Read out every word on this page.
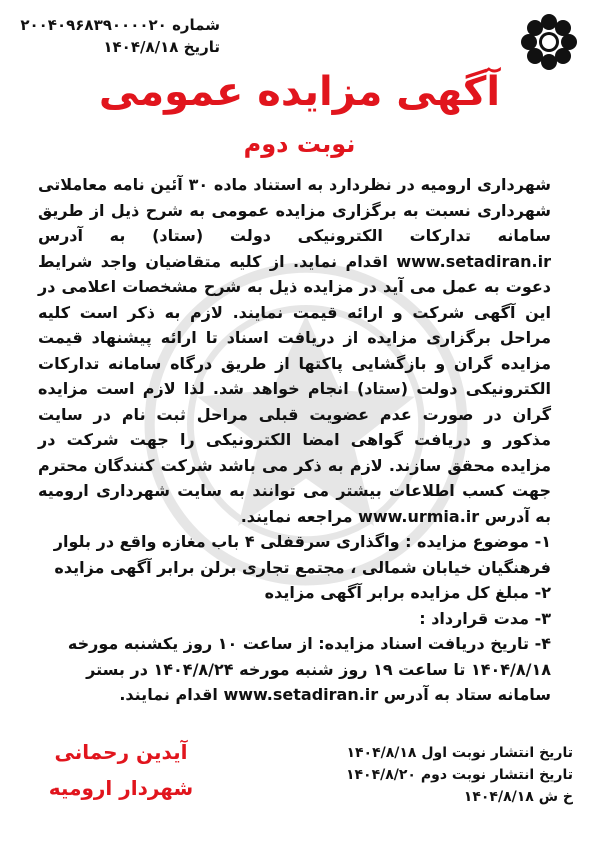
شماره ۲۰۰۴۰۹۶۸۳۹۰۰۰۰۲۰
تاریخ ۱۴۰۴/۸/۱۸
آگهی مزایده عمومی
نوبت دوم

شهرداری ارومیه در نظردارد به استناد ماده ۳۰ آئین نامه معاملاتی شهرداری نسبت به برگزاری مزایده عمومی به شرح ذیل از طریق سامانه تدارکات الکترونیکی دولت (ستاد) به آدرس www.setadiran.ir اقدام نماید. از کلیه متقاضیان واجد شرایط دعوت به عمل می آید در مزایده ذیل به شرح مشخصات اعلامی در این آگهی شرکت و ارائه قیمت نمایند. لازم به ذکر است کلیه مراحل برگزاری مزایده از دریافت اسناد تا ارائه پیشنهاد قیمت مزایده گران و بازگشایی پاکتها از طریق درگاه سامانه تدارکات الکترونیکی دولت (ستاد) انجام خواهد شد. لذا لازم است مزایده گران در صورت عدم عضویت قبلی مراحل ثبت نام در سایت مذکور و دریافت گواهی امضا الکترونیکی را جهت شرکت در مزایده محقق سازند. لازم به ذکر می باشد شرکت کنندگان محترم جهت کسب اطلاعات بیشتر می توانند به سایت شهرداری ارومیه به آدرس www.urmia.ir مراجعه نمایند.

۱- موضوع مزایده : واگذاری سرقفلی ۴ باب مغازه واقع در بلوار فرهنگیان خیابان شمالی ، مجتمع تجاری برلن برابر آگهی مزایده

۲- مبلغ کل مزایده برابر آگهی مزایده

۳- مدت قرارداد :

۴- تاریخ دریافت اسناد مزایده: از ساعت ۱۰ روز یکشنبه مورخه ۱۴۰۴/۸/۱۸ تا ساعت ۱۹ روز شنبه مورخه ۱۴۰۴/۸/۲۴ در بستر سامانه ستاد به آدرس www.setadiran.ir اقدام نمایند.

تاریخ انتشار نوبت اول ۱۴۰۴/۸/۱۸

تاریخ انتشار نوبت دوم ۱۴۰۴/۸/۲۰

خ ش ۱۴۰۴/۸/۱۸

آیدین رحمانی

شهردار ارومیه
